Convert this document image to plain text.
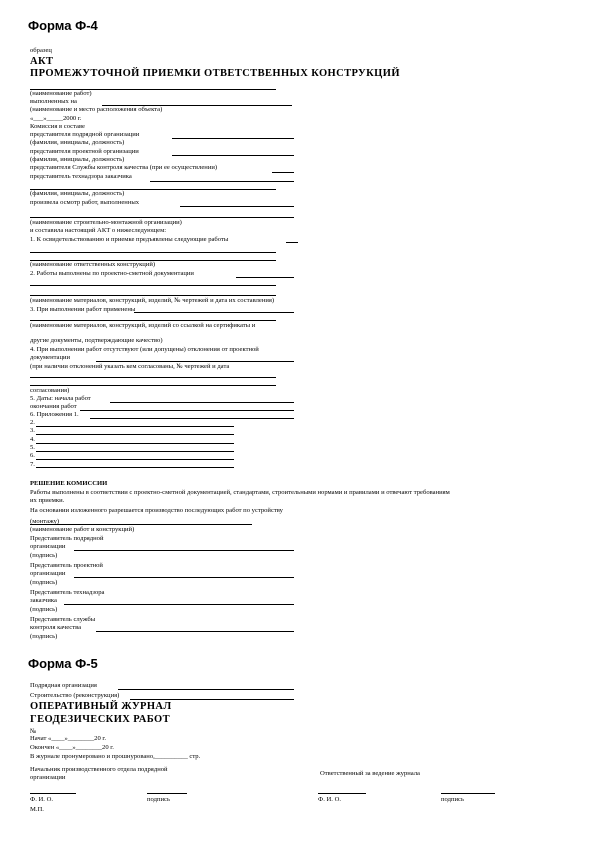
Форма Ф-4
образец
АКТ
ПРОМЕЖУТОЧНОЙ ПРИЕМКИ ОТВЕТСТВЕННЫХ КОНСТРУКЦИЙ
(наименование работ)
выполненных на
(наименование и место расположения объекта)
«___»_____2000 г.
Комиссия в составе
представителя подрядной организации
(фамилия, инициалы, должность)
представителя проектной организации
(фамилия, инициалы, должность)
представителя Службы контроля качества (при ее осуществлении)
представитель технадзора заказчика
(фамилия, инициалы, должность)
произвела осмотр работ, выполненных
(наименование строительно-монтажной организации)
и составила настоящий АКТ о нижеследующем:
1. К освидетельствованию и приемке предъявлены следующие работы
(наименование ответственных конструкций)
2. Работы выполнены по проектно-сметной документации
(наименование материалов, конструкций, изделий, № чертежей и дата их составления)
3. При выполнении работ применены
(наименование материалов, конструкций, изделий со ссылкой на сертификаты и
другие документы, подтверждающие качество)
4. При выполнении работ отсутствуют (или допущены) отклонения от проектной
документации
(при наличии отклонений указать кем согласованы, № чертежей и дата
согласования)
5. Даты: начала работ
окончания работ
6. Приложения 1.
2.
3.
4.
5.
6.
7.
РЕШЕНИЕ КОМИССИИ
Работы выполнены в соответствии с проектно-сметной документацией, стандартами, строительными нормами и правилами и отвечают требованиям
их приемки.
На основании изложенного разрешается производство последующих работ по устройству
(монтажу)
(наименование работ и конструкций)
Представитель подрядной
организации
(подпись)
Представитель проектной
организации
(подпись)
Представитель технадзора
заказчика
(подпись)
Представитель службы
контроля качества
(подпись)
Форма Ф-5
Подрядная организация
Строительство (реконструкция)
ОПЕРАТИВНЫЙ ЖУРНАЛ
ГЕОДЕЗИЧЕСКИХ РАБОТ
№
Начат «____»________20 г.
Окончен «____»________20 г.
В журнале пронумеровано и прошнуровано,__________ стр.
Начальник производственного отдела подрядной
организации
Ответственный за ведение журнала
Ф. И. О.	подпись	Ф. И. О.	подпись
М.П.
